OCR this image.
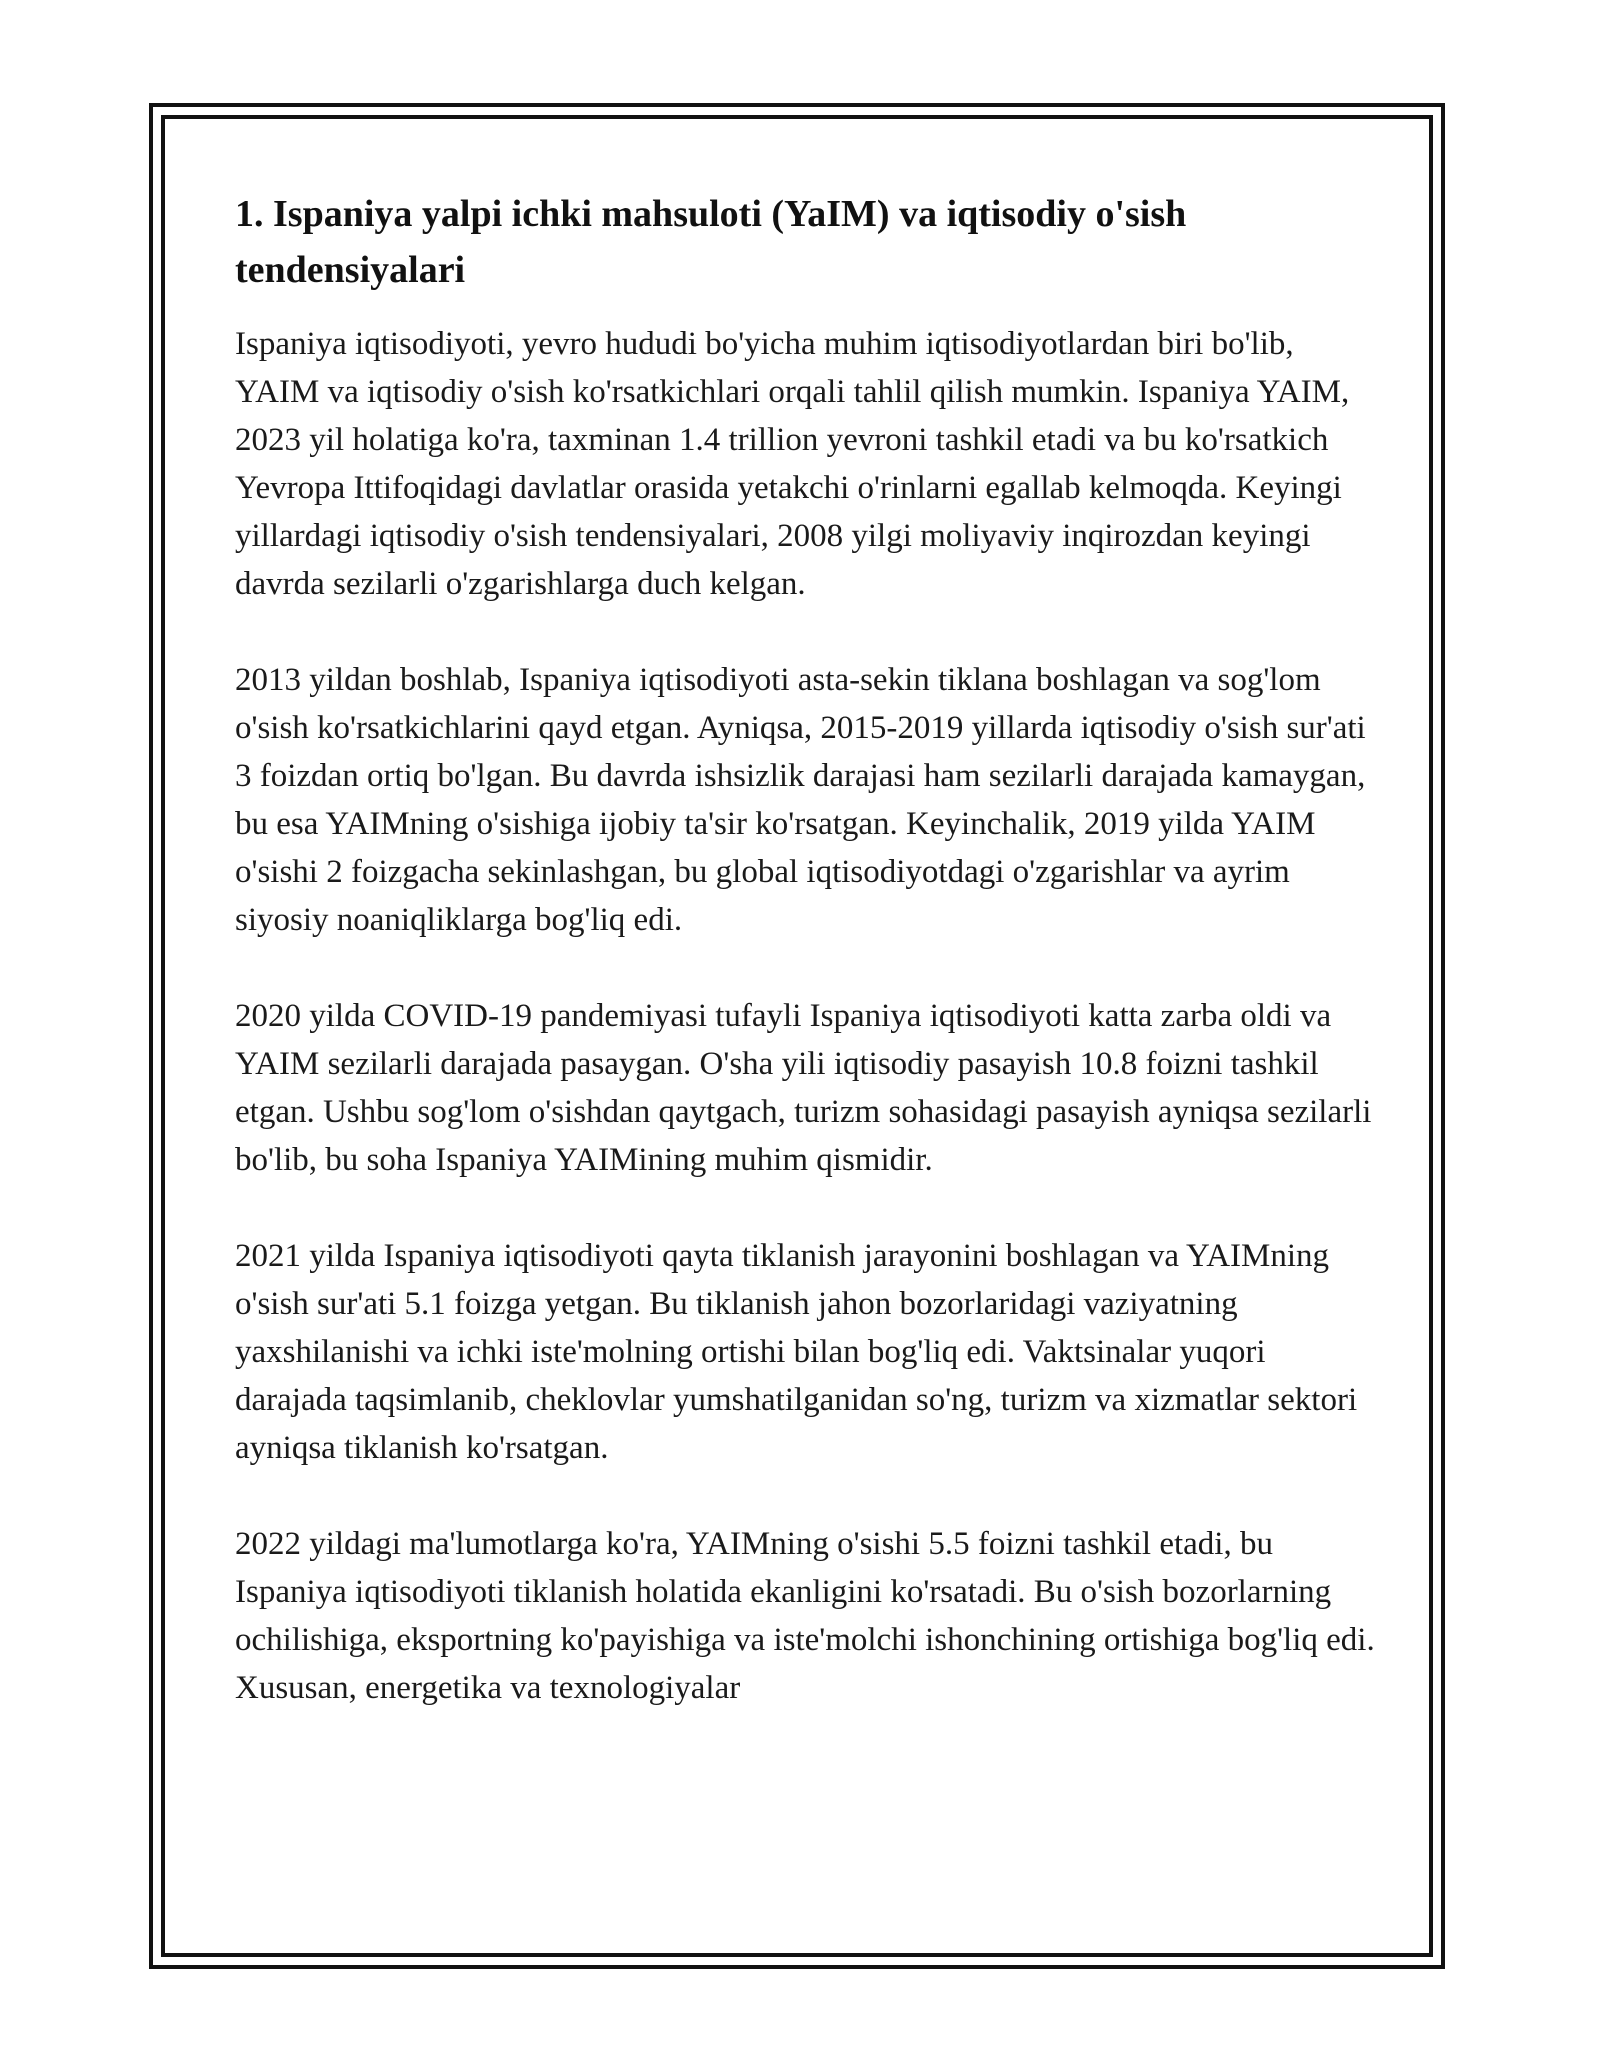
1. Ispaniya yalpi ichki mahsuloti (YaIM) va iqtisodiy o'sish
tendensiyalari

Ispaniya iqtisodiyoti, yevro hududi bo'yicha muhim iqtisodiyotlardan biri bo'lib, YAIM va iqtisodiy o'sish ko'rsatkichlari orqali tahlil qilish mumkin. Ispaniya YAIM, 2023 yil holatiga ko'ra, taxminan 1.4 trillion yevroni tashkil etadi va bu ko'rsatkich Yevropa Ittifoqidagi davlatlar orasida yetakchi o'rinlarni egallab kelmoqda. Keyingi yillardagi iqtisodiy o'sish tendensiyalari, 2008 yilgi moliyaviy inqirozdan keyingi davrda sezilarli o'zgarishlarga duch kelgan.

2013 yildan boshlab, Ispaniya iqtisodiyoti asta-sekin tiklana boshlagan va sog'lom o'sish ko'rsatkichlarini qayd etgan. Ayniqsa, 2015-2019 yillarda iqtisodiy o'sish sur'ati 3 foizdan ortiq bo'lgan. Bu davrda ishsizlik darajasi ham sezilarli darajada kamaygan, bu esa YAIMning o'sishiga ijobiy ta'sir ko'rsatgan. Keyinchalik, 2019 yilda YAIM o'sishi 2 foizgacha sekinlashgan, bu global iqtisodiyotdagi o'zgarishlar va ayrim siyosiy noaniqliklarga bog'liq edi.

2020 yilda COVID-19 pandemiyasi tufayli Ispaniya iqtisodiyoti katta zarba oldi va YAIM sezilarli darajada pasaygan. O'sha yili iqtisodiy pasayish 10.8 foizni tashkil etgan. Ushbu sog'lom o'sishdan qaytgach, turizm sohasidagi pasayish ayniqsa sezilarli bo'lib, bu soha Ispaniya YAIMining muhim qismidir.

2021 yilda Ispaniya iqtisodiyoti qayta tiklanish jarayonini boshlagan va YAIMning o'sish sur'ati 5.1 foizga yetgan. Bu tiklanish jahon bozorlaridagi vaziyatning yaxshilanishi va ichki iste'molning ortishi bilan bog'liq edi. Vaktsinalar yuqori darajada taqsimlanib, cheklovlar yumshatilganidan so'ng, turizm va xizmatlar sektori ayniqsa tiklanish ko'rsatgan.

2022 yildagi ma'lumotlarga ko'ra, YAIMning o'sishi 5.5 foizni tashkil etadi, bu Ispaniya iqtisodiyoti tiklanish holatida ekanligini ko'rsatadi. Bu o'sish bozorlarning ochilishiga, eksportning ko'payishiga va iste'molchi ishonchining ortishiga bog'liq edi. Xususan, energetika va texnologiyalar
